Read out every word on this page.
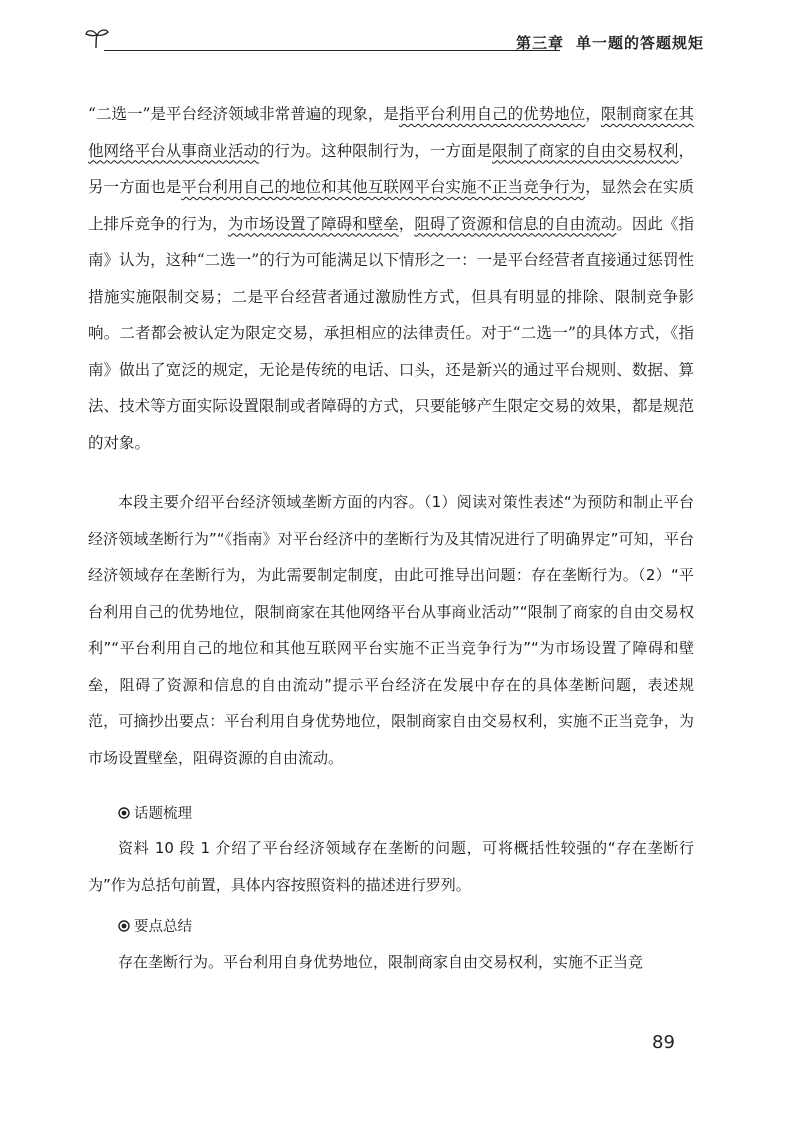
第三章 单一题的答题规矩

“二选一”是平台经济领域非常普遍的现象，是指平台利用自己的优势地位，限制商家在其他网络平台从事商业活动的行为。这种限制行为，一方面是限制了商家的自由交易权利，另一方面也是平台利用自己的地位和其他互联网平台实施不正当竞争行为，显然会在实质上排斥竞争的行为，为市场设置了障碍和壁垒，阻碍了资源和信息的自由流动。因此《指南》认为，这种“二选一”的行为可能满足以下情形之一：一是平台经营者直接通过惩罚性措施实施限制交易；二是平台经营者通过激励性方式，但具有明显的排除、限制竞争影响。二者都会被认定为限定交易，承担相应的法律责任。对于“二选一”的具体方式，《指南》做出了宽泛的规定，无论是传统的电话、口头，还是新兴的通过平台规则、数据、算法、技术等方面实际设置限制或者障碍的方式，只要能够产生限定交易的效果，都是规范的对象。

本段主要介绍平台经济领域垄断方面的内容。（1）阅读对策性表述“为预防和制止平台经济领域垄断行为”“《指南》对平台经济中的垄断行为及其情况进行了明确界定”可知，平台经济领域存在垄断行为，为此需要制定制度，由此可推导出问题：存在垄断行为。（2）“平台利用自己的优势地位，限制商家在其他网络平台从事商业活动”“限制了商家的自由交易权利”“平台利用自己的地位和其他互联网平台实施不正当竞争行为”“为市场设置了障碍和壁垒，阻碍了资源和信息的自由流动”提示平台经济在发展中存在的具体垄断问题，表述规范，可摘抄出要点：平台利用自身优势地位，限制商家自由交易权利，实施不正当竞争，为市场设置壁垒，阻碍资源的自由流动。

话题梳理

资料 10 段 1 介绍了平台经济领域存在垄断的问题，可将概括性较强的“存在垄断行为”作为总括句前置，具体内容按照资料的描述进行罗列。

要点总结

存在垄断行为。平台利用自身优势地位，限制商家自由交易权利，实施不正当竞

89
